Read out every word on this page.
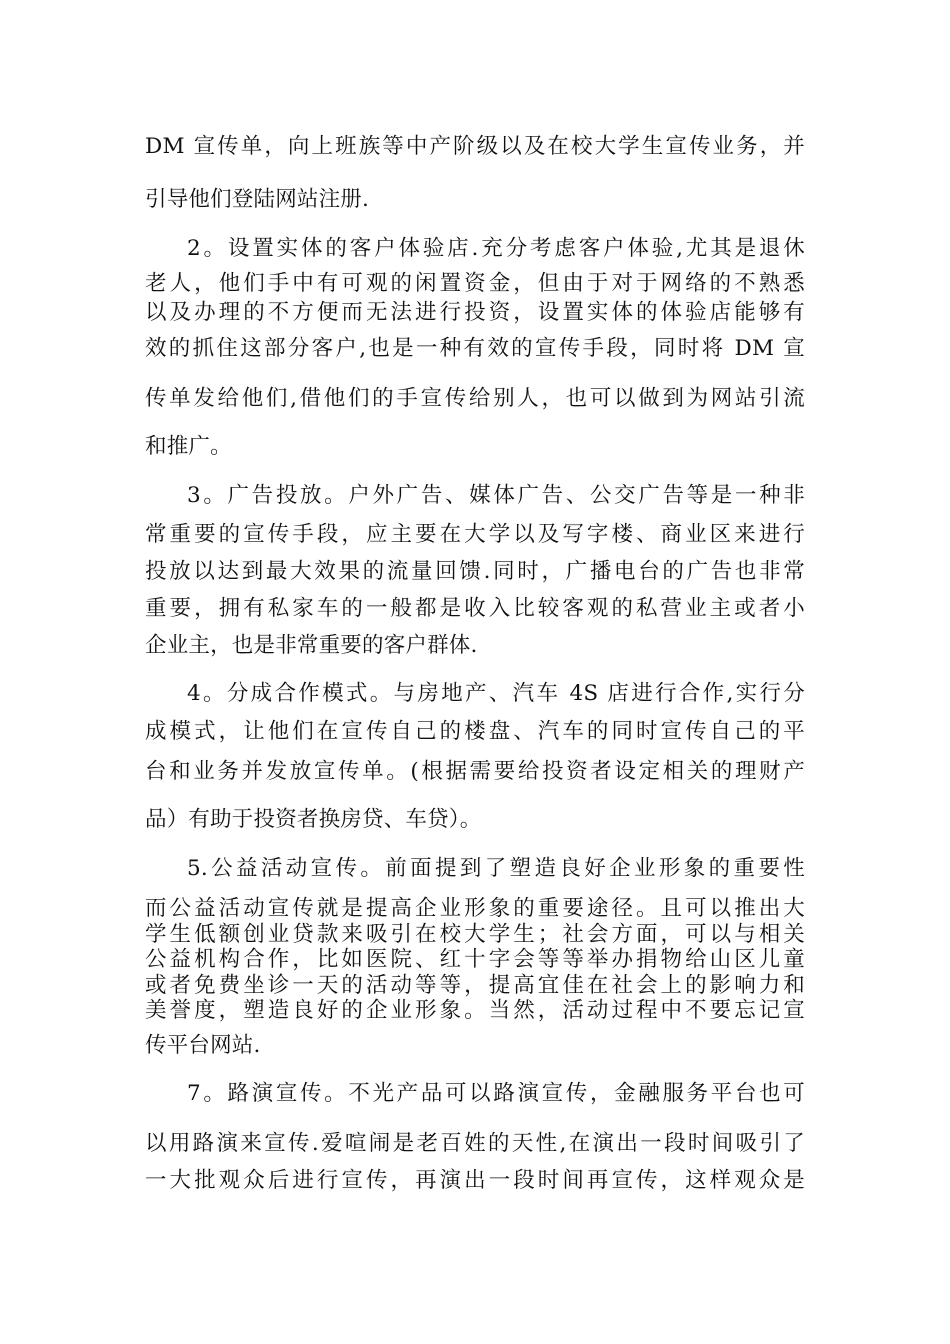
DM 宣传单，向上班族等中产阶级以及在校大学生宣传业务，并
引导他们登陆网站注册.
2。设置实体的客户体验店.充分考虑客户体验,尤其是退休
老人，他们手中有可观的闲置资金，但由于对于网络的不熟悉
以及办理的不方便而无法进行投资，设置实体的体验店能够有
效的抓住这部分客户,也是一种有效的宣传手段，同时将 DM 宣
传单发给他们,借他们的手宣传给别人，也可以做到为网站引流
和推广。
3。广告投放。户外广告、媒体广告、公交广告等是一种非
常重要的宣传手段，应主要在大学以及写字楼、商业区来进行
投放以达到最大效果的流量回馈.同时，广播电台的广告也非常
重要，拥有私家车的一般都是收入比较客观的私营业主或者小
企业主，也是非常重要的客户群体.
4。分成合作模式。与房地产、汽车 4S 店进行合作,实行分
成模式，让他们在宣传自己的楼盘、汽车的同时宣传自己的平
台和业务并发放宣传单。(根据需要给投资者设定相关的理财产
品）有助于投资者换房贷、车贷）。
5.公益活动宣传。前面提到了塑造良好企业形象的重要性
而公益活动宣传就是提高企业形象的重要途径。且可以推出大
学生低额创业贷款来吸引在校大学生；社会方面，可以与相关
公益机构合作，比如医院、红十字会等等举办捐物给山区儿童
或者免费坐诊一天的活动等等，提高宜佳在社会上的影响力和
美誉度，塑造良好的企业形象。当然，活动过程中不要忘记宣
传平台网站.
7。路演宣传。不光产品可以路演宣传，金融服务平台也可
以用路演来宣传.爱喧闹是老百姓的天性,在演出一段时间吸引了
一大批观众后进行宣传，再演出一段时间再宣传，这样观众是
